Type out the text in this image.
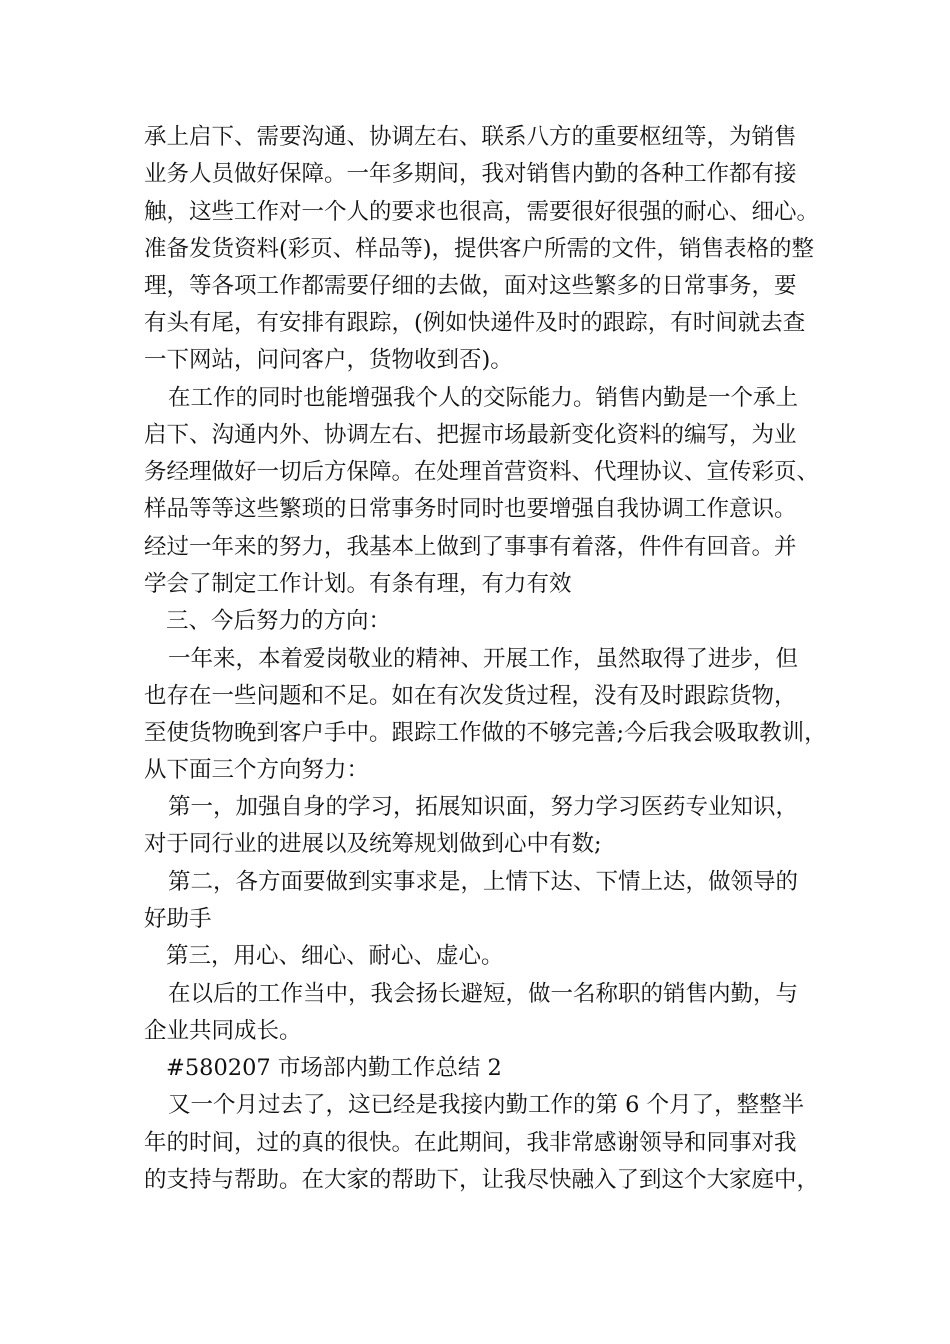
承上启下、需要沟通、协调左右、联系八方的重要枢纽等，为销售
业务人员做好保障。一年多期间，我对销售内勤的各种工作都有接
触，这些工作对一个人的要求也很高，需要很好很强的耐心、细心。
准备发货资料(彩页、样品等)，提供客户所需的文件，销售表格的整
理，等各项工作都需要仔细的去做，面对这些繁多的日常事务，要
有头有尾，有安排有跟踪，(例如快递件及时的跟踪，有时间就去查
一下网站，问问客户，货物收到否)。
在工作的同时也能增强我个人的交际能力。销售内勤是一个承上
启下、沟通内外、协调左右、把握市场最新变化资料的编写，为业
务经理做好一切后方保障。在处理首营资料、代理协议、宣传彩页、
样品等等这些繁琐的日常事务时同时也要增强自我协调工作意识。
经过一年来的努力，我基本上做到了事事有着落，件件有回音。并
学会了制定工作计划。有条有理，有力有效
三、今后努力的方向：
一年来，本着爱岗敬业的精神、开展工作，虽然取得了进步，但
也存在一些问题和不足。如在有次发货过程，没有及时跟踪货物，
至使货物晚到客户手中。跟踪工作做的不够完善;今后我会吸取教训，
从下面三个方向努力：
第一，加强自身的学习，拓展知识面，努力学习医药专业知识，
对于同行业的进展以及统筹规划做到心中有数;
第二，各方面要做到实事求是，上情下达、下情上达，做领导的
好助手
第三，用心、细心、耐心、虚心。
在以后的工作当中，我会扬长避短，做一名称职的销售内勤，与
企业共同成长。
#580207 市场部内勤工作总结 2
又一个月过去了，这已经是我接内勤工作的第 6 个月了，整整半
年的时间，过的真的很快。在此期间，我非常感谢领导和同事对我
的支持与帮助。在大家的帮助下，让我尽快融入了到这个大家庭中，
